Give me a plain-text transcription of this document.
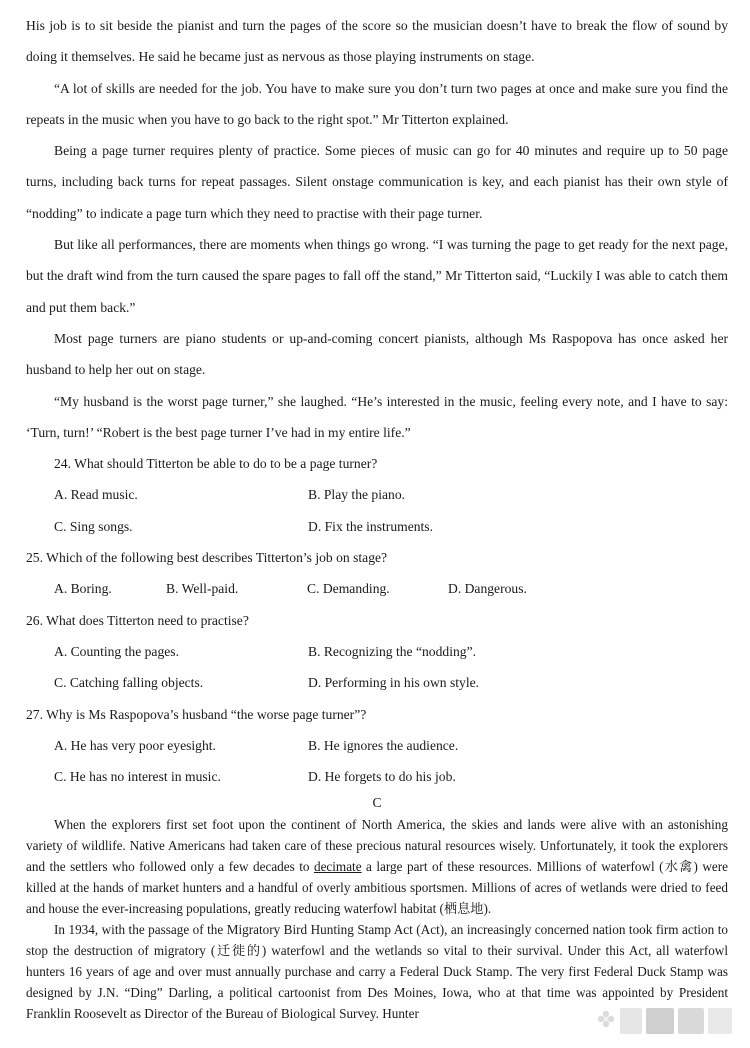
His job is to sit beside the pianist and turn the pages of the score so the musician doesn’t have to break the flow of sound by doing it themselves. He said he became just as nervous as those playing instruments on stage.

“A lot of skills are needed for the job. You have to make sure you don’t turn two pages at once and make sure you find the repeats in the music when you have to go back to the right spot.” Mr Titterton explained.

Being a page turner requires plenty of practice. Some pieces of music can go for 40 minutes and require up to 50 page turns, including back turns for repeat passages. Silent onstage communication is key, and each pianist has their own style of “nodding” to indicate a page turn which they need to practise with their page turner.

But like all performances, there are moments when things go wrong. “I was turning the page to get ready for the next page, but the draft wind from the turn caused the spare pages to fall off the stand,” Mr Titterton said, “Luckily I was able to catch them and put them back.”

Most page turners are piano students or up-and-coming concert pianists, although Ms Raspopova has once asked her husband to help her out on stage.

“My husband is the worst page turner,” she laughed. “He’s interested in the music, feeling every note, and I have to say: ‘Turn, turn!’ “Robert is the best page turner I’ve had in my entire life.”

24. What should Titterton be able to do to be a page turner?

A. Read music.	B. Play the piano.
C. Sing songs.	D. Fix the instruments.

25. Which of the following best describes Titterton’s job on stage?

A. Boring.	B. Well-paid.	C. Demanding.	D. Dangerous.

26. What does Titterton need to practise?

A. Counting the pages.	B. Recognizing the “nodding”.
C. Catching falling objects.	D. Performing in his own style.

27. Why is Ms Raspopova’s husband “the worse page turner”?

A. He has very poor eyesight.	B. He ignores the audience.
C. He has no interest in music.	D. He forgets to do his job.

C

When the explorers first set foot upon the continent of North America, the skies and lands were alive with an astonishing variety of wildlife. Native Americans had taken care of these precious natural resources wisely. Unfortunately, it took the explorers and the settlers who followed only a few decades to decimate a large part of these resources. Millions of waterfowl (水禽) were killed at the hands of market hunters and a handful of overly ambitious sportsmen. Millions of acres of wetlands were dried to feed and house the ever-increasing populations, greatly reducing waterfowl habitat (栖息地).

In 1934, with the passage of the Migratory Bird Hunting Stamp Act (Act), an increasingly concerned nation took firm action to stop the destruction of migratory (迁徙的) waterfowl and the wetlands so vital to their survival. Under this Act, all waterfowl hunters 16 years of age and over must annually purchase and carry a Federal Duck Stamp. The very first Federal Duck Stamp was designed by J.N. “Ding” Darling, a political cartoonist from Des Moines, Iowa, who at that time was appointed by President Franklin Roosevelt as Director of the Bureau of Biological Survey. Hunter
